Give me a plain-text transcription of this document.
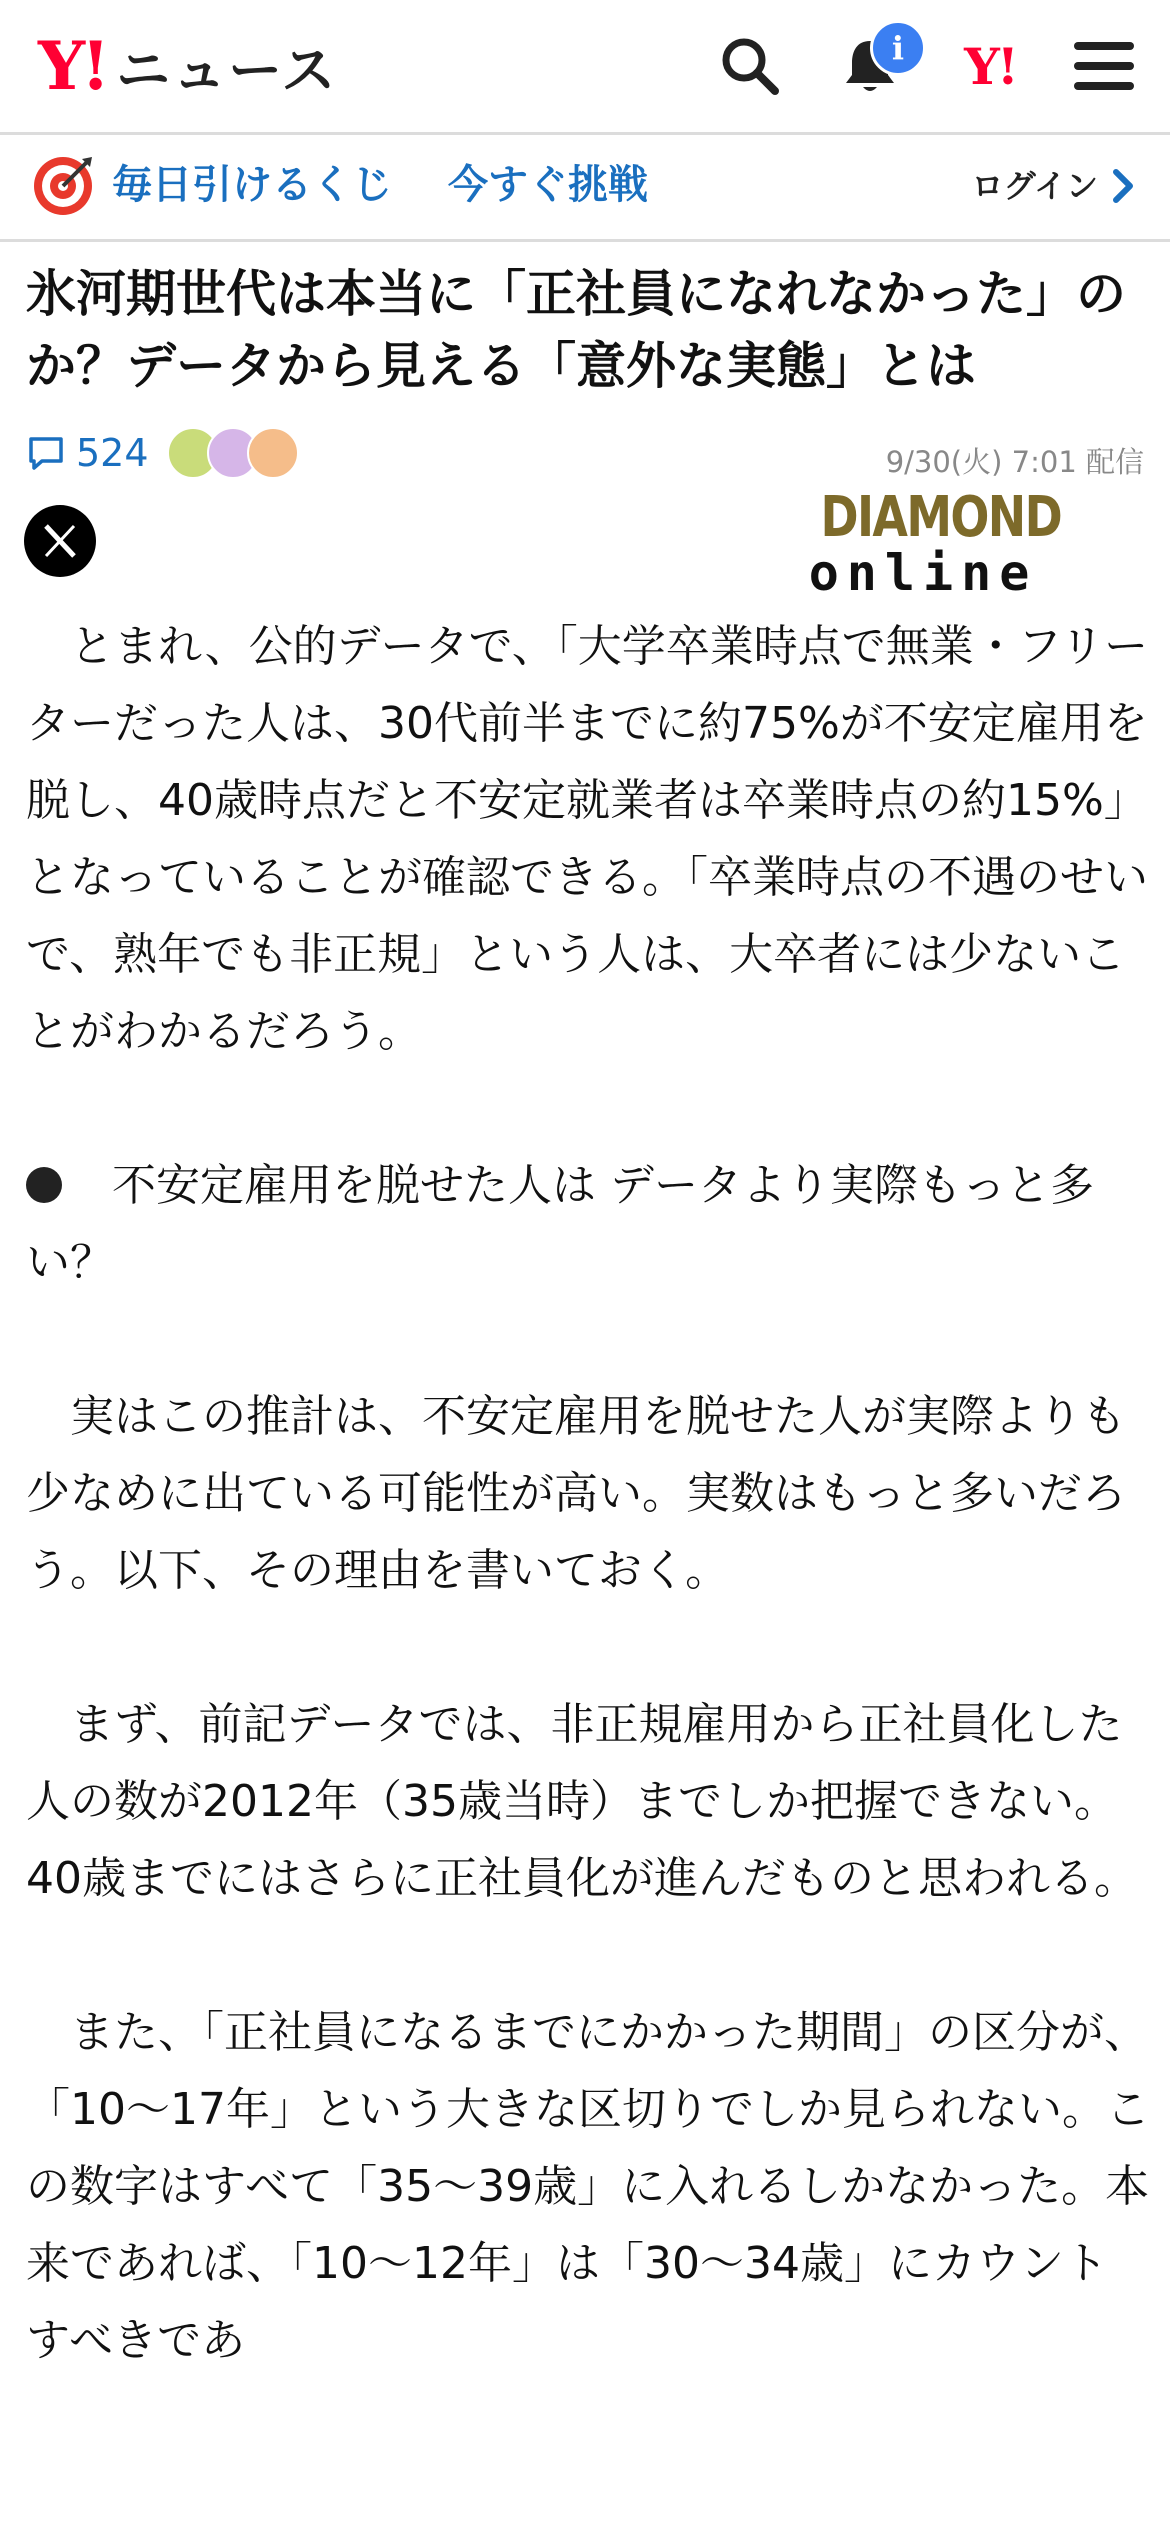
Y! ニュース	i	Y!
毎日引けるくじ 今すぐ挑戦	ログイン
氷河期世代は本当に「正社員になれなかった」のか？データから見える「意外な実態」とは
524	9/30(火) 7:01 配信
DIAMOND
online

　とまれ、公的データで、「大学卒業時点で無業・フリーターだった人は、30代前半までに約75%が不安定雇用を脱し、40歳時点だと不安定就業者は卒業時点の約15%」となっていることが確認できる。「卒業時点の不遇のせいで、熟年でも非正規」という人は、大卒者には少ないことがわかるだろう。

不安定雇用を脱せた人は データより実際もっと多い？

　実はこの推計は、不安定雇用を脱せた人が実際よりも少なめに出ている可能性が高い。実数はもっと多いだろう。以下、その理由を書いておく。

　まず、前記データでは、非正規雇用から正社員化した人の数が2012年（35歳当時）までしか把握できない。40歳までにはさらに正社員化が進んだものと思われる。

　また、「正社員になるまでにかかった期間」の区分が、「10～17年」という大きな区切りでしか見られない。この数字はすべて「35～39歳」に入れるしかなかった。本来であれば、「10～12年」は「30～34歳」にカウントすべきであ
